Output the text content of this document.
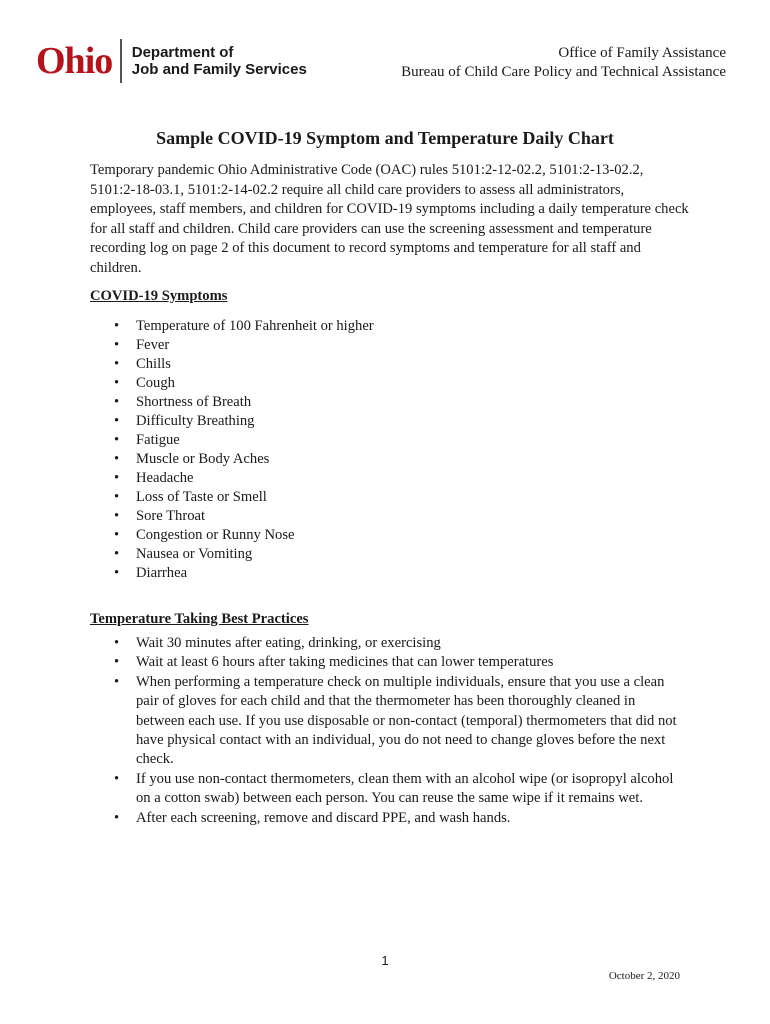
Ohio Department of
Job and Family Services
Office of Family Assistance
Bureau of Child Care Policy and Technical Assistance
Sample COVID-19 Symptom and Temperature Daily Chart

Temporary pandemic Ohio Administrative Code (OAC) rules 5101:2-12-02.2, 5101:2-13-02.2, 5101:2-18-03.1, 5101:2-14-02.2 require all child care providers to assess all administrators, employees, staff members, and children for COVID-19 symptoms including a daily temperature check for all staff and children. Child care providers can use the screening assessment and temperature recording log on page 2 of this document to record symptoms and temperature for all staff and children.

COVID-19 Symptoms

• Temperature of 100 Fahrenheit or higher
• Fever
• Chills
• Cough
• Shortness of Breath
• Difficulty Breathing
• Fatigue
• Muscle or Body Aches
• Headache
• Loss of Taste or Smell
• Sore Throat
• Congestion or Runny Nose
• Nausea or Vomiting
• Diarrhea

Temperature Taking Best Practices

• Wait 30 minutes after eating, drinking, or exercising
• Wait at least 6 hours after taking medicines that can lower temperatures
• When performing a temperature check on multiple individuals, ensure that you use a clean pair of gloves for each child and that the thermometer has been thoroughly cleaned in between each use. If you use disposable or non-contact (temporal) thermometers that did not have physical contact with an individual, you do not need to change gloves before the next check.
• If you use non-contact thermometers, clean them with an alcohol wipe (or isopropyl alcohol on a cotton swab) between each person. You can reuse the same wipe if it remains wet.
• After each screening, remove and discard PPE, and wash hands.
1
October 2, 2020
